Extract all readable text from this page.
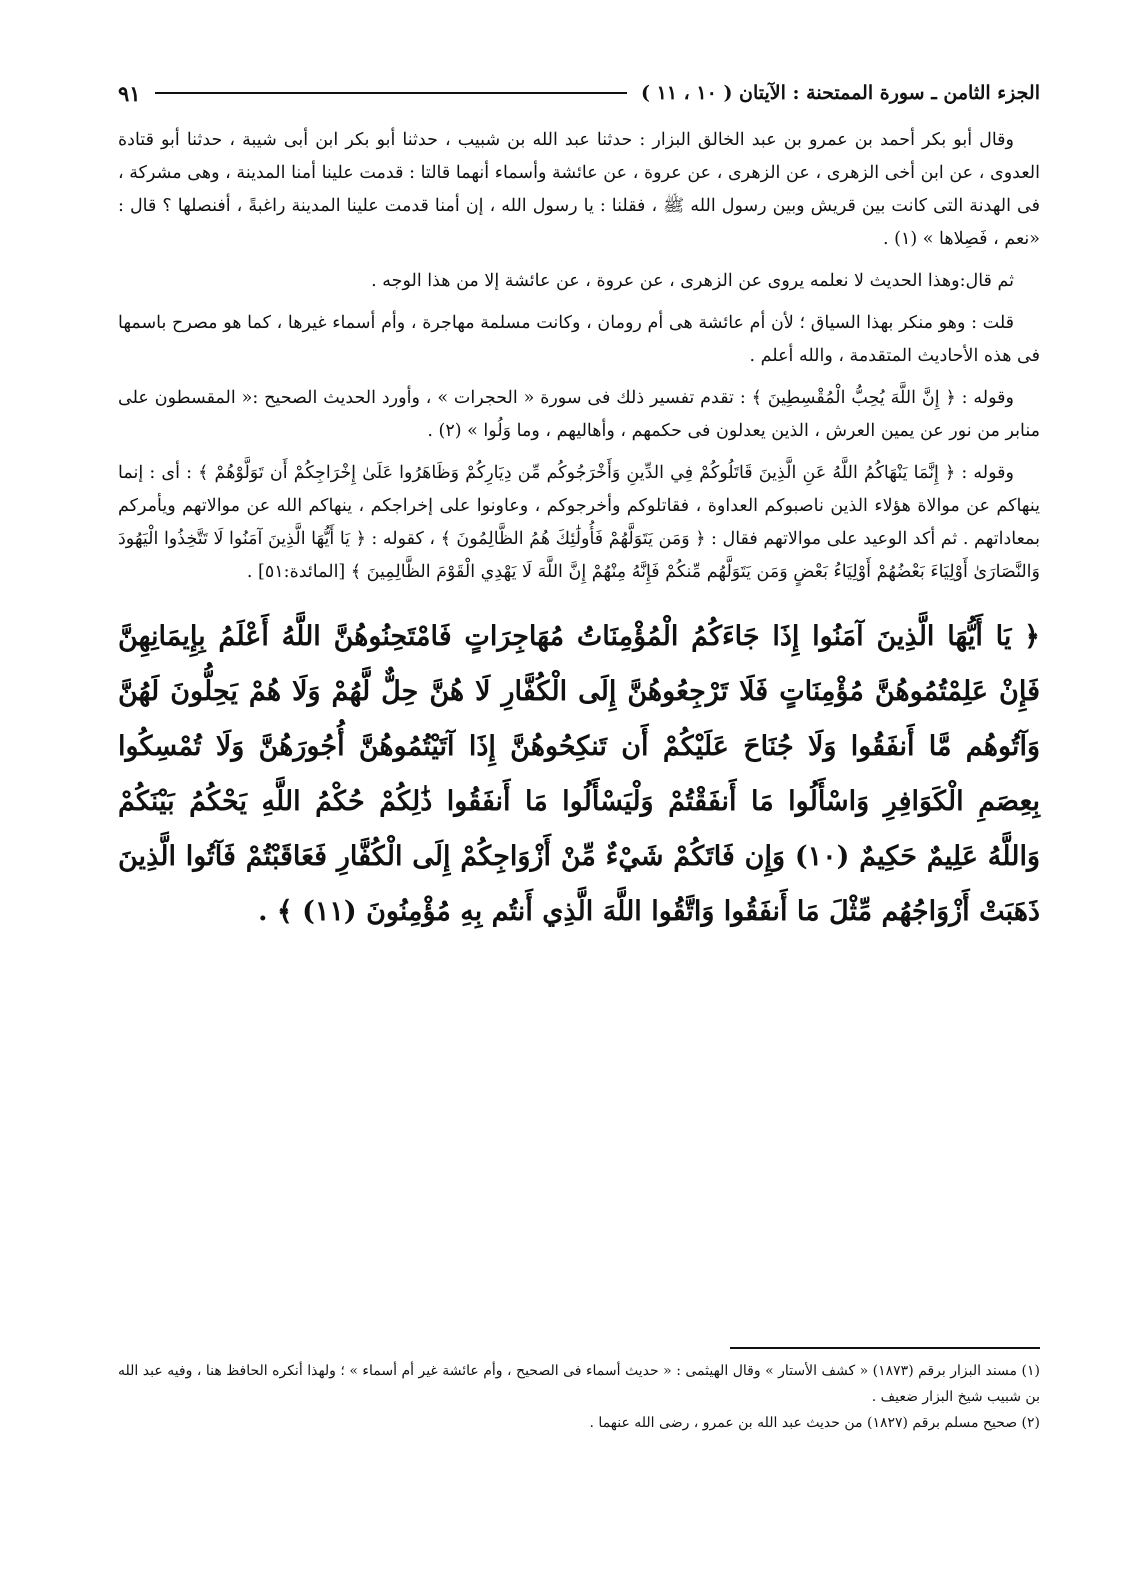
الجزء الثامن ـ سورة الممتحنة : الآيتان ( ١٠ ، ١١ )
٩١

وقال أبو بكر أحمد بن عمرو بن عبد الخالق البزار : حدثنا عبد الله بن شبيب ، حدثنا أبو بكر ابن أبى شيبة ، حدثنا أبو قتادة العدوى ، عن ابن أخى الزهرى ، عن الزهرى ، عن عروة ، عن عائشة وأسماء أنهما قالتا : قدمت علينا أمنا المدينة ، وهى مشركة ، فى الهدنة التى كانت بين قريش وبين رسول الله ﷺ ، فقلنا : يا رسول الله ، إن أمنا قدمت علينا المدينة راغبةً ، أفنصلها ؟ قال : «نعم ، فَصِلاها » (١) .

ثم قال:وهذا الحديث لا نعلمه يروى عن الزهرى ، عن عروة ، عن عائشة إلا من هذا الوجه .

قلت : وهو منكر بهذا السياق ؛ لأن أم عائشة هى أم رومان ، وكانت مسلمة مهاجرة ، وأم أسماء غيرها ، كما هو مصرح باسمها فى هذه الأحاديث المتقدمة ، والله أعلم .

وقوله : ﴿ إِنَّ اللَّهَ يُحِبُّ الْمُقْسِطِينَ ﴾ : تقدم تفسير ذلك فى سورة « الحجرات » ، وأورد الحديث الصحيح :« المقسطون على منابر من نور عن يمين العرش ، الذين يعدلون فى حكمهم ، وأهاليهم ، وما وَلُوا » (٢) .

وقوله : ﴿ إِنَّمَا يَنْهَاكُمُ اللَّهُ عَنِ الَّذِينَ قَاتَلُوكُمْ فِي الدِّينِ وَأَخْرَجُوكُم مِّن دِيَارِكُمْ وَظَاهَرُوا عَلَىٰ إِخْرَاجِكُمْ أَن تَوَلَّوْهُمْ ﴾ : أى : إنما ينهاكم عن موالاة هؤلاء الذين ناصبوكم العداوة ، فقاتلوكم وأخرجوكم ، وعاونوا على إخراجكم ، ينهاكم الله عن موالاتهم ويأمركم بمعاداتهم . ثم أكد الوعيد على موالاتهم فقال : ﴿ وَمَن يَتَوَلَّهُمْ فَأُولَٰئِكَ هُمُ الظَّالِمُونَ ﴾ ، كقوله : ﴿ يَا أَيُّهَا الَّذِينَ آمَنُوا لَا تَتَّخِذُوا الْيَهُودَ وَالنَّصَارَىٰ أَوْلِيَاءَ بَعْضُهُمْ أَوْلِيَاءُ بَعْضٍ وَمَن يَتَوَلَّهُم مِّنكُمْ فَإِنَّهُ مِنْهُمْ إِنَّ اللَّهَ لَا يَهْدِي الْقَوْمَ الظَّالِمِينَ ﴾ [المائدة:٥١] .

﴿ يَا أَيُّهَا الَّذِينَ آمَنُوا إِذَا جَاءَكُمُ الْمُؤْمِنَاتُ مُهَاجِرَاتٍ فَامْتَحِنُوهُنَّ اللَّهُ أَعْلَمُ بِإِيمَانِهِنَّ فَإِنْ عَلِمْتُمُوهُنَّ مُؤْمِنَاتٍ فَلَا تَرْجِعُوهُنَّ إِلَى الْكُفَّارِ لَا هُنَّ حِلٌّ لَّهُمْ وَلَا هُمْ يَحِلُّونَ لَهُنَّ وَآتُوهُم مَّا أَنفَقُوا وَلَا جُنَاحَ عَلَيْكُمْ أَن تَنكِحُوهُنَّ إِذَا آتَيْتُمُوهُنَّ أُجُورَهُنَّ وَلَا تُمْسِكُوا بِعِصَمِ الْكَوَافِرِ وَاسْأَلُوا مَا أَنفَقْتُمْ وَلْيَسْأَلُوا مَا أَنفَقُوا ذَٰلِكُمْ حُكْمُ اللَّهِ يَحْكُمُ بَيْنَكُمْ وَاللَّهُ عَلِيمٌ حَكِيمٌ (١٠) وَإِن فَاتَكُمْ شَيْءٌ مِّنْ أَزْوَاجِكُمْ إِلَى الْكُفَّارِ فَعَاقَبْتُمْ فَآتُوا الَّذِينَ ذَهَبَتْ أَزْوَاجُهُم مِّثْلَ مَا أَنفَقُوا وَاتَّقُوا اللَّهَ الَّذِي أَنتُم بِهِ مُؤْمِنُونَ (١١) ﴾ .

(١) مسند البزار برقم (١٨٧٣) « كشف الأستار » وقال الهيثمى : « حديث أسماء فى الصحيح ، وأم عائشة غير أم أسماء » ؛ ولهذا أنكره الحافظ هنا ، وفيه عبد الله بن شبيب شيخ البزار ضعيف .

(٢) صحيح مسلم برقم (١٨٢٧) من حديث عبد الله بن عمرو ، رضى الله عنهما .
